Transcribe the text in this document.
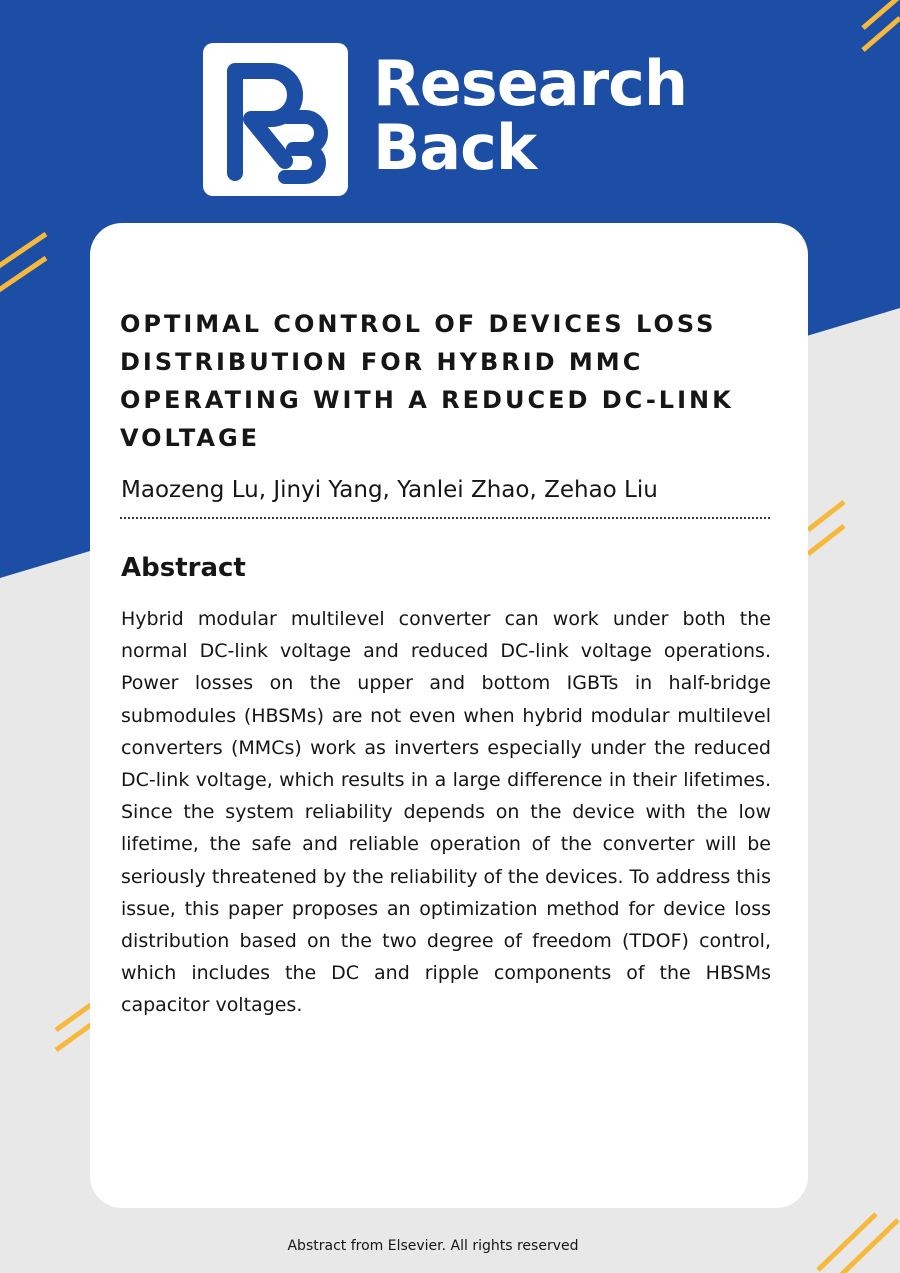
Research
Back
OPTIMAL CONTROL OF DEVICES LOSS DISTRIBUTION FOR HYBRID MMC OPERATING WITH A REDUCED DC-LINK VOLTAGE
Maozeng Lu, Jinyi Yang, Yanlei Zhao, Zehao Liu
Abstract

Hybrid modular multilevel converter can work under both the normal DC-link voltage and reduced DC-link voltage operations. Power losses on the upper and bottom IGBTs in half-bridge submodules (HBSMs) are not even when hybrid modular multilevel converters (MMCs) work as inverters especially under the reduced DC-link voltage, which results in a large difference in their lifetimes. Since the system reliability depends on the device with the low lifetime, the safe and reliable operation of the converter will be seriously threatened by the reliability of the devices. To address this issue, this paper proposes an optimization method for device loss distribution based on the two degree of freedom (TDOF) control, which includes the DC and ripple components of the HBSMs capacitor voltages.

Abstract from Elsevier. All rights reserved
